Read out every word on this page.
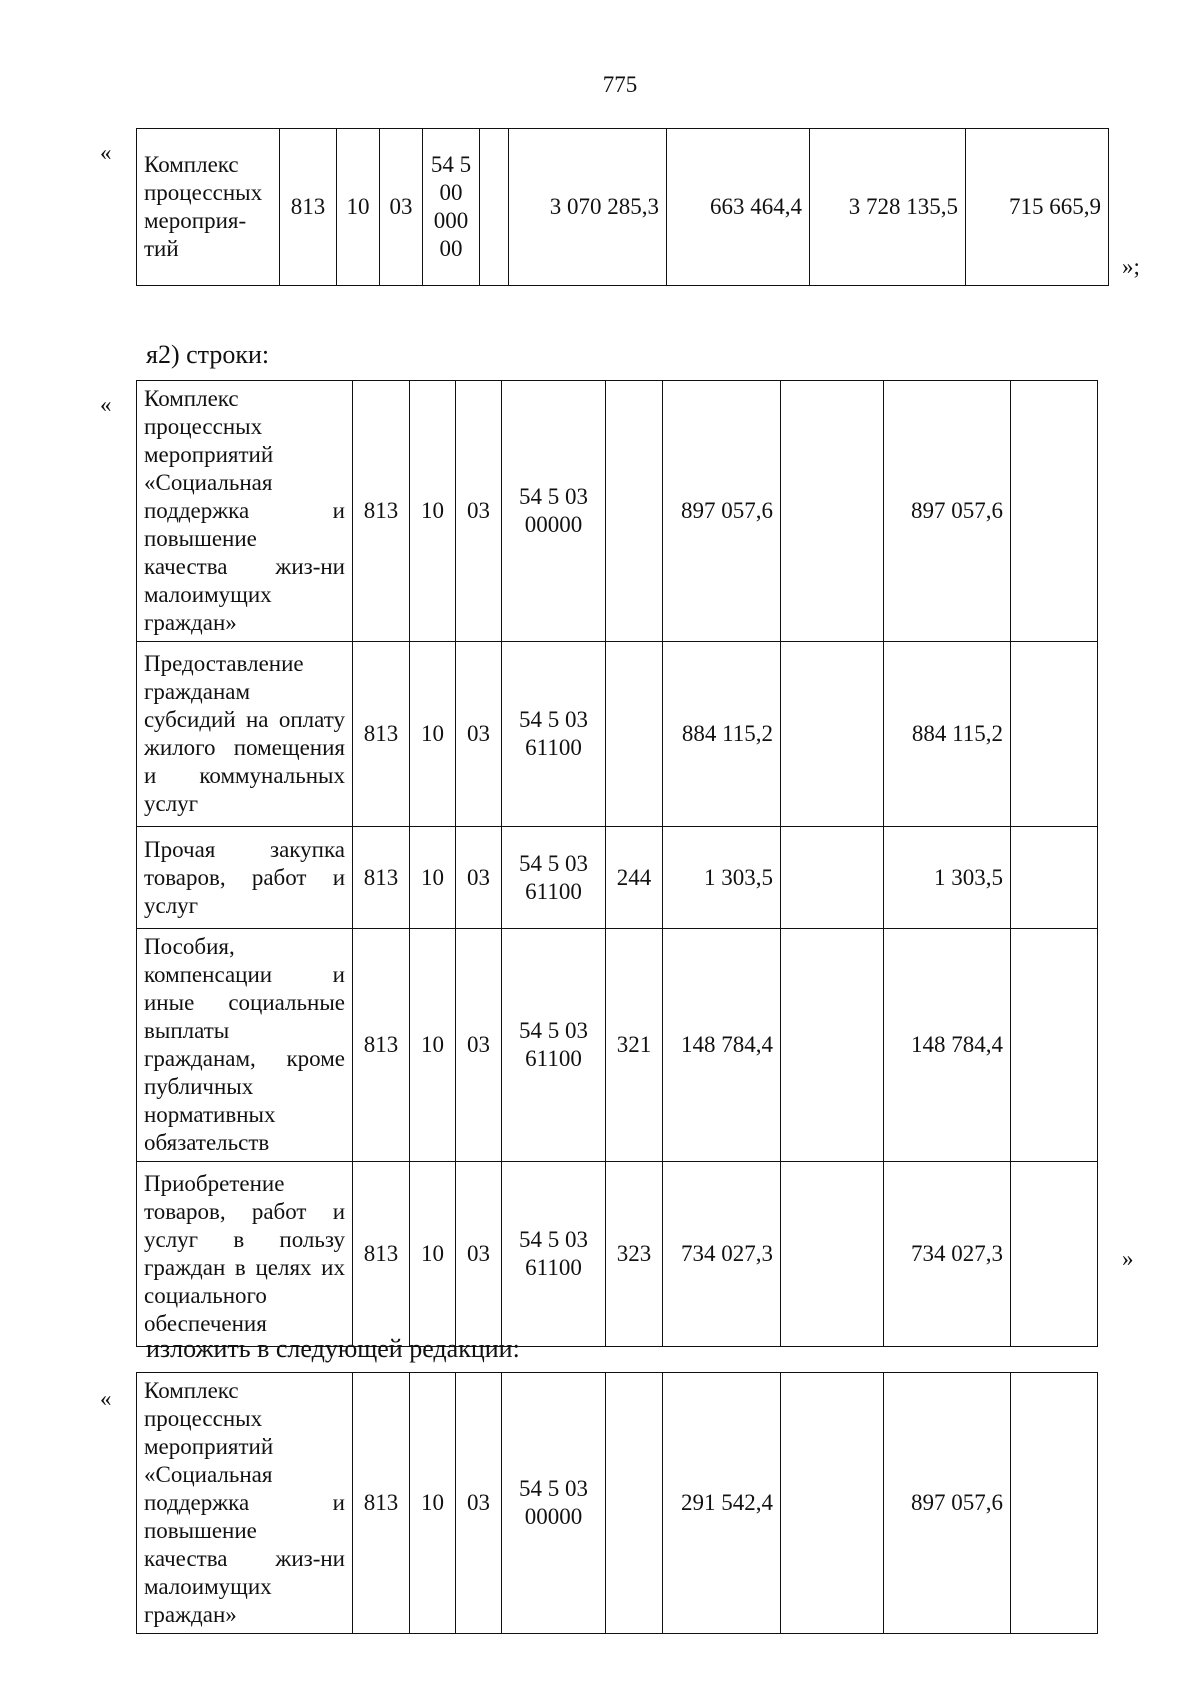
775
« Комплекс процессных мероприя-тий	813	10	03	54 5 00 000 00		3 070 285,3	663 464,4	3 728 135,5	715 665,9
»;
я2) строки:
« Комплекс процессных мероприятий «Социальная поддержка и повышение качества жиз-ни малоимущих граждан»	813	10	03	54 5 03 00000		897 057,6		897 057,6	
Предоставление гражданам субсидий на оплату жилого помещения и коммунальных услуг	813	10	03	54 5 03 61100		884 115,2		884 115,2	
Прочая закупка товаров, работ и услуг	813	10	03	54 5 03 61100	244	1 303,5		1 303,5	
Пособия, компенсации и иные социальные выплаты гражданам, кроме публичных нормативных обязательств	813	10	03	54 5 03 61100	321	148 784,4		148 784,4	
Приобретение товаров, работ и услуг в пользу граждан в целях их социального обеспечения	813	10	03	54 5 03 61100	323	734 027,3		734 027,3		»
изложить в следующей редакции:
« Комплекс процессных мероприятий «Социальная поддержка и повышение качества жиз-ни малоимущих граждан»	813	10	03	54 5 03 00000		291 542,4		897 057,6	
